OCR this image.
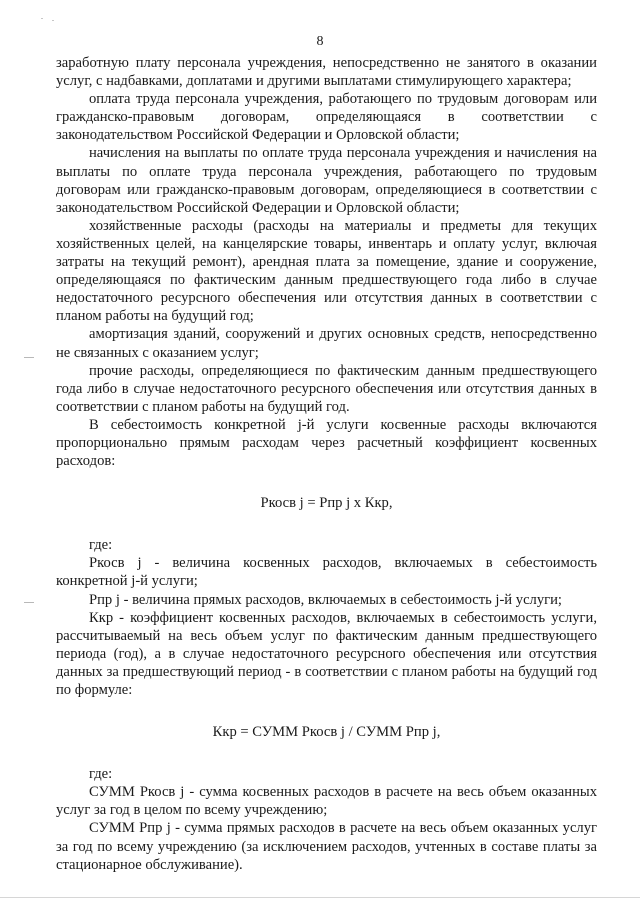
8

заработную плату персонала учреждения, непосредственно не занятого в оказании услуг, с надбавками, доплатами и другими выплатами стимулирующего характера;

оплата труда персонала учреждения, работающего по трудовым договорам или гражданско-правовым договорам, определяющаяся в соответствии с законодательством Российской Федерации и Орловской области;

начисления на выплаты по оплате труда персонала учреждения и начисления на выплаты по оплате труда персонала учреждения, работающего по трудовым договорам или гражданско-правовым договорам, определяющиеся в соответствии с законодательством Российской Федерации и Орловской области;

хозяйственные расходы (расходы на материалы и предметы для текущих хозяйственных целей, на канцелярские товары, инвентарь и оплату услуг, включая затраты на текущий ремонт), арендная плата за помещение, здание и сооружение, определяющаяся по фактическим данным предшествующего года либо в случае недостаточного ресурсного обеспечения или отсутствия данных в соответствии с планом работы на будущий год;

амортизация зданий, сооружений и других основных средств, непосредственно не связанных с оказанием услуг;

прочие расходы, определяющиеся по фактическим данным предшествующего года либо в случае недостаточного ресурсного обеспечения или отсутствия данных в соответствии с планом работы на будущий год.

В себестоимость конкретной j-й услуги косвенные расходы включаются пропорционально прямым расходам через расчетный коэффициент косвенных расходов:

Ркосв j = Рпр j х Ккр,

где:

Ркосв j - величина косвенных расходов, включаемых в себестоимость конкретной j-й услуги;

Рпр j - величина прямых расходов, включаемых в себестоимость j-й услуги;

Ккр - коэффициент косвенных расходов, включаемых в себестоимость услуги, рассчитываемый на весь объем услуг по фактическим данным предшествующего периода (год), а в случае недостаточного ресурсного обеспечения или отсутствия данных за предшествующий период - в соответствии с планом работы на будущий год по формуле:

Ккр = СУММ Ркосв j / СУММ Рпр j,

где:

СУММ Ркосв j - сумма косвенных расходов в расчете на весь объем оказанных услуг за год в целом по всему учреждению;

СУММ Рпр j - сумма прямых расходов в расчете на весь объем оказанных услуг за год по всему учреждению (за исключением расходов, учтенных в составе платы за стационарное обслуживание).
